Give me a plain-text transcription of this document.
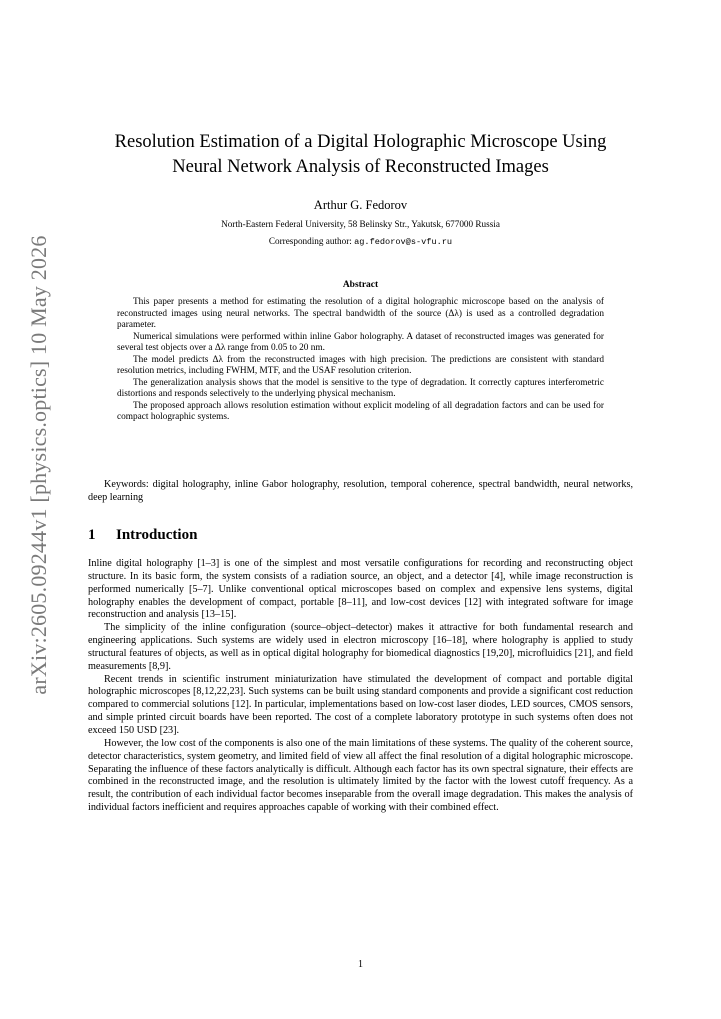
arXiv:2605.09244v1 [physics.optics] 10 May 2026
Resolution Estimation of a Digital Holographic Microscope Using Neural Network Analysis of Reconstructed Images
Arthur G. Fedorov
North-Eastern Federal University, 58 Belinsky Str., Yakutsk, 677000 Russia
Corresponding author: ag.fedorov@s-vfu.ru
Abstract

This paper presents a method for estimating the resolution of a digital holographic microscope based on the analysis of reconstructed images using neural networks. The spectral bandwidth of the source (Δλ) is used as a controlled degradation parameter.

Numerical simulations were performed within inline Gabor holography. A dataset of reconstructed images was generated for several test objects over a Δλ range from 0.05 to 20 nm.

The model predicts Δλ from the reconstructed images with high precision. The predictions are consistent with standard resolution metrics, including FWHM, MTF, and the USAF resolution criterion.

The generalization analysis shows that the model is sensitive to the type of degradation. It correctly captures interferometric distortions and responds selectively to the underlying physical mechanism.

The proposed approach allows resolution estimation without explicit modeling of all degradation factors and can be used for compact holographic systems.

Keywords: digital holography, inline Gabor holography, resolution, temporal coherence, spectral bandwidth, neural networks, deep learning

1 Introduction

Inline digital holography [1–3] is one of the simplest and most versatile configurations for recording and reconstructing object structure. In its basic form, the system consists of a radiation source, an object, and a detector [4], while image reconstruction is performed numerically [5–7]. Unlike conventional optical microscopes based on complex and expensive lens systems, digital holography enables the development of compact, portable [8–11], and low-cost devices [12] with integrated software for image reconstruction and analysis [13–15].

The simplicity of the inline configuration (source–object–detector) makes it attractive for both fundamental research and engineering applications. Such systems are widely used in electron microscopy [16–18], where holography is applied to study structural features of objects, as well as in optical digital holography for biomedical diagnostics [19,20], microfluidics [21], and field measurements [8,9].

Recent trends in scientific instrument miniaturization have stimulated the development of compact and portable digital holographic microscopes [8,12,22,23]. Such systems can be built using standard components and provide a significant cost reduction compared to commercial solutions [12]. In particular, implementations based on low-cost laser diodes, LED sources, CMOS sensors, and simple printed circuit boards have been reported. The cost of a complete laboratory prototype in such systems often does not exceed 150 USD [23].

However, the low cost of the components is also one of the main limitations of these systems. The quality of the coherent source, detector characteristics, system geometry, and limited field of view all affect the final resolution of a digital holographic microscope. Separating the influence of these factors analytically is difficult. Although each factor has its own spectral signature, their effects are combined in the reconstructed image, and the resolution is ultimately limited by the factor with the lowest cutoff frequency. As a result, the contribution of each individual factor becomes inseparable from the overall image degradation. This makes the analysis of individual factors inefficient and requires approaches capable of working with their combined effect.

1
